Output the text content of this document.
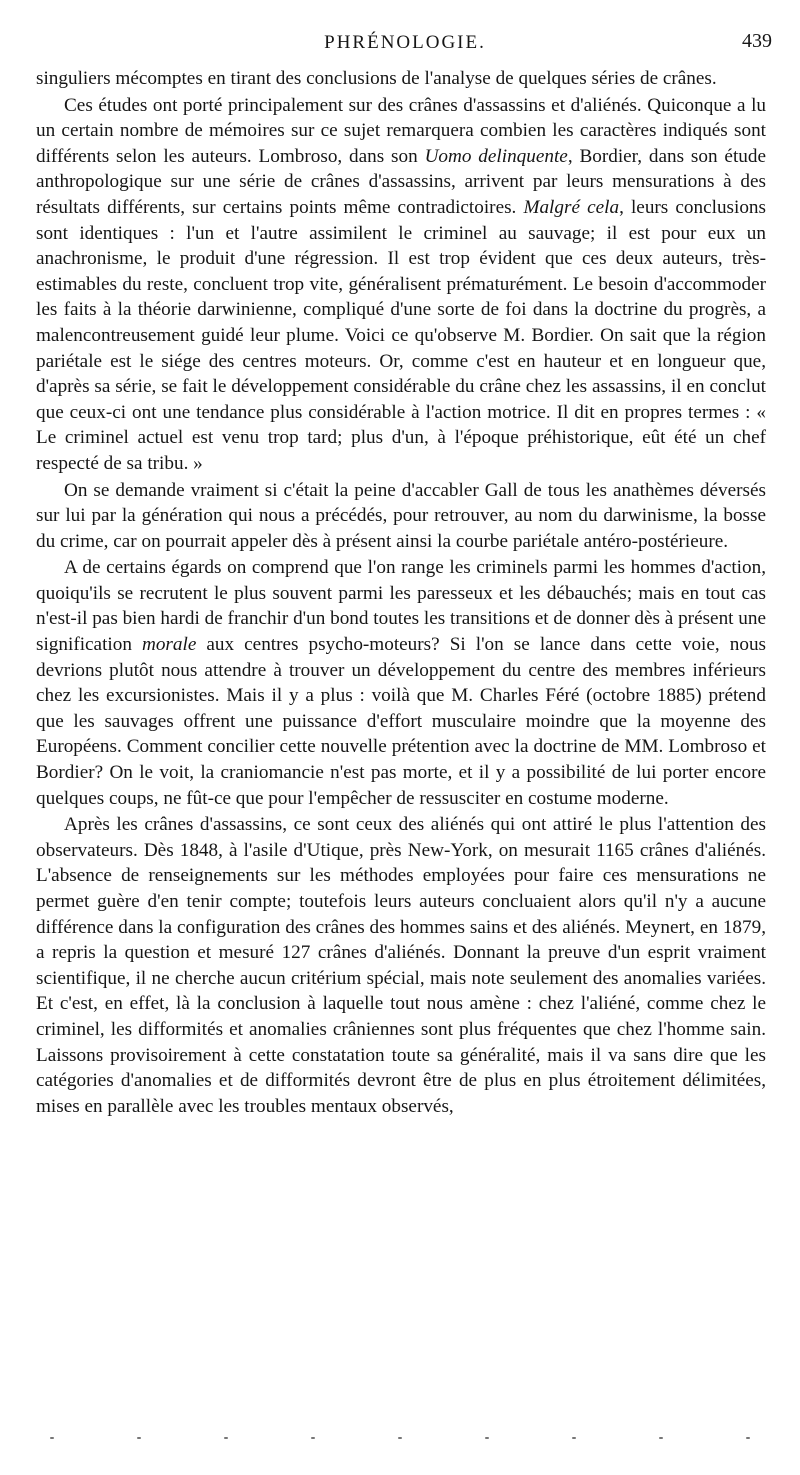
PHRÉNOLOGIE.	439

singuliers mécomptes en tirant des conclusions de l'analyse de quelques séries de crânes.

Ces études ont porté principalement sur des crânes d'assassins et d'aliénés. Quiconque a lu un certain nombre de mémoires sur ce sujet remarquera combien les caractères indiqués sont différents selon les auteurs. Lombroso, dans son Uomo delinquente, Bordier, dans son étude anthropologique sur une série de crânes d'assassins, arrivent par leurs mensurations à des résultats différents, sur certains points même contradictoires. Malgré cela, leurs conclusions sont identiques : l'un et l'autre assimilent le criminel au sauvage; il est pour eux un anachronisme, le produit d'une régression. Il est trop évident que ces deux auteurs, très-estimables du reste, concluent trop vite, généralisent prématurément. Le besoin d'accommoder les faits à la théorie darwinienne, compliqué d'une sorte de foi dans la doctrine du progrès, a malencontreusement guidé leur plume. Voici ce qu'observe M. Bordier. On sait que la région pariétale est le siége des centres moteurs. Or, comme c'est en hauteur et en longueur que, d'après sa série, se fait le développement considérable du crâne chez les assassins, il en conclut que ceux-ci ont une tendance plus considérable à l'action motrice. Il dit en propres termes : « Le criminel actuel est venu trop tard; plus d'un, à l'époque préhistorique, eût été un chef respecté de sa tribu. »

On se demande vraiment si c'était la peine d'accabler Gall de tous les anathèmes déversés sur lui par la génération qui nous a précédés, pour retrouver, au nom du darwinisme, la bosse du crime, car on pourrait appeler dès à présent ainsi la courbe pariétale antéro-postérieure.

A de certains égards on comprend que l'on range les criminels parmi les hommes d'action, quoiqu'ils se recrutent le plus souvent parmi les paresseux et les débauchés; mais en tout cas n'est-il pas bien hardi de franchir d'un bond toutes les transitions et de donner dès à présent une signification morale aux centres psycho-moteurs? Si l'on se lance dans cette voie, nous devrions plutôt nous attendre à trouver un développement du centre des membres inférieurs chez les excursionistes. Mais il y a plus : voilà que M. Charles Féré (octobre 1885) prétend que les sauvages offrent une puissance d'effort musculaire moindre que la moyenne des Européens. Comment concilier cette nouvelle prétention avec la doctrine de MM. Lombroso et Bordier? On le voit, la craniomancie n'est pas morte, et il y a possibilité de lui porter encore quelques coups, ne fût-ce que pour l'empêcher de ressusciter en costume moderne.

Après les crânes d'assassins, ce sont ceux des aliénés qui ont attiré le plus l'attention des observateurs. Dès 1848, à l'asile d'Utique, près New-York, on mesurait 1165 crânes d'aliénés. L'absence de renseignements sur les méthodes employées pour faire ces mensurations ne permet guère d'en tenir compte; toutefois leurs auteurs concluaient alors qu'il n'y a aucune différence dans la configuration des crânes des hommes sains et des aliénés. Meynert, en 1879, a repris la question et mesuré 127 crânes d'aliénés. Donnant la preuve d'un esprit vraiment scientifique, il ne cherche aucun critérium spécial, mais note seulement des anomalies variées. Et c'est, en effet, là la conclusion à laquelle tout nous amène : chez l'aliéné, comme chez le criminel, les difformités et anomalies crâniennes sont plus fréquentes que chez l'homme sain. Laissons provisoirement à cette constatation toute sa généralité, mais il va sans dire que les catégories d'anomalies et de difformités devront être de plus en plus étroitement délimitées, mises en parallèle avec les troubles mentaux observés,
